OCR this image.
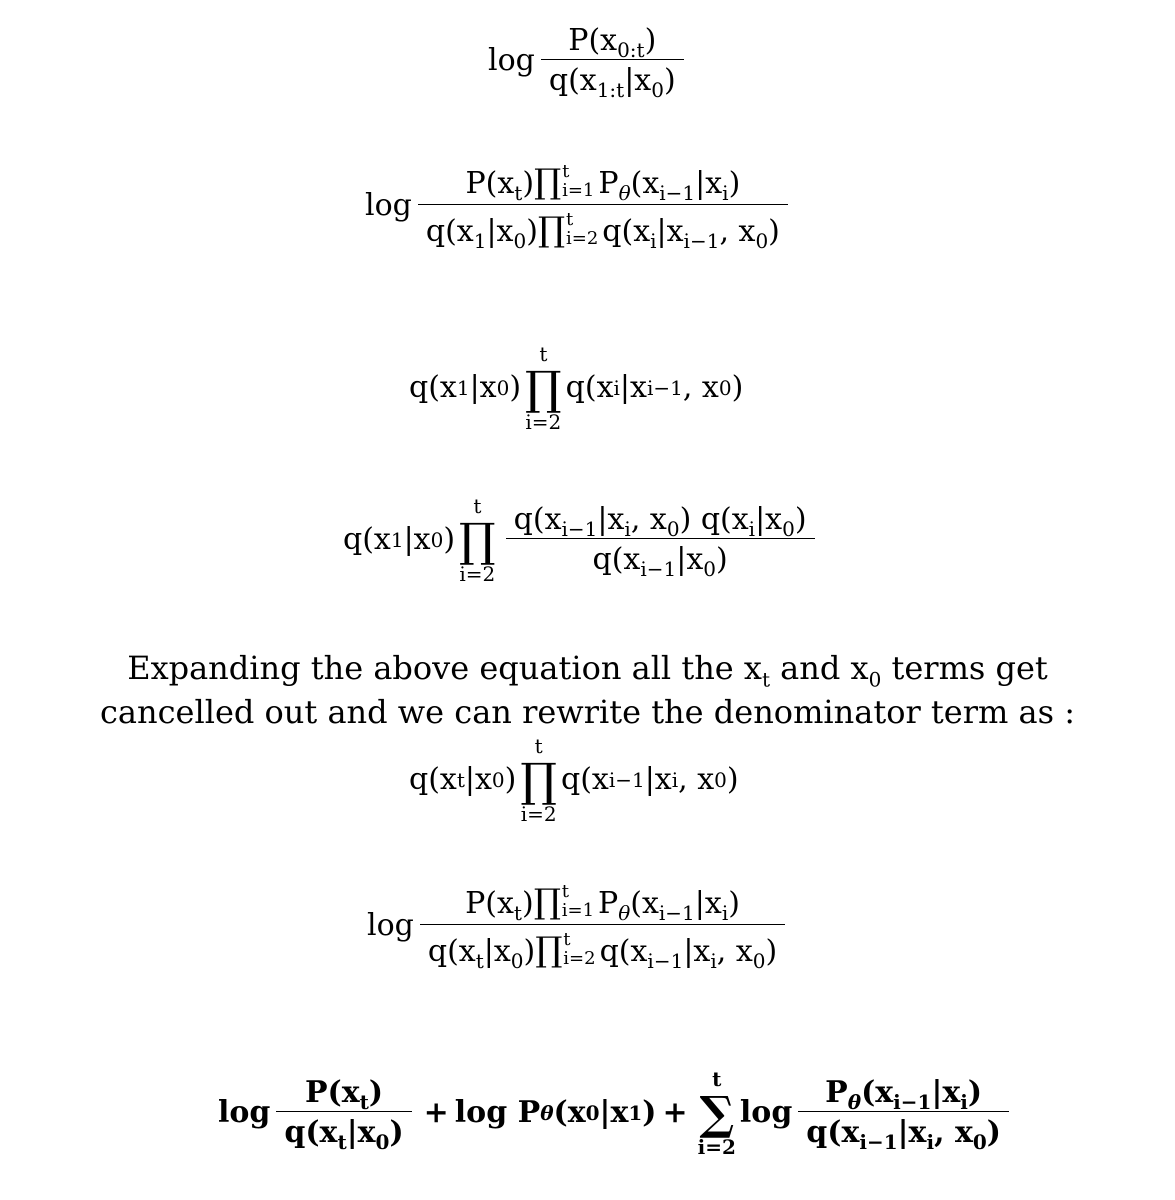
$\log \frac{P(x_{0:t})}{q(x_{1:t}|x_0)}$
$\log P(x_t)$ ∏ t
i=1 $P_\theta(x_{i-1}|x_i)$
$q(x_1|x_0)$ ∏ t
i=2 $q(x_i|x_{i-1}$, $x_0$)
q(x 1 |x 0 )
t
∏
i=2
q(x i |x i−1 , x 0 )
q(x 1 |x 0 )
t
∏
$i=2 \frac{q(x_{i-1}|x_i, x_0) q(x_i|x_0)}{q(x_{i-1}|x_0)}$
Expanding the above equation all the $x_t$ and $x_0$ terms get
cancelled out and we can rewrite the denominator term as :
q(x t |x 0 )
t
∏
i=2
q(x i−1 |x i , x 0 )
$\log P(x_t)$ ∏ t
i=1 $P_\theta(x_{i-1}|x_i)$
$q(x_t|x_0)$ ∏ t
i=2 $q(x_{i-1}|x_i$, $x_0$)
$\log \frac{P(x_t)}{q(x_t|x_0)} + \log$
P θ (x 0 |x 1 ) +
t
∑
i=2
$\log \frac{P_\theta(x_{i-1}|x_i)}{q(x_{i-1}|x_i, x_0)}$
